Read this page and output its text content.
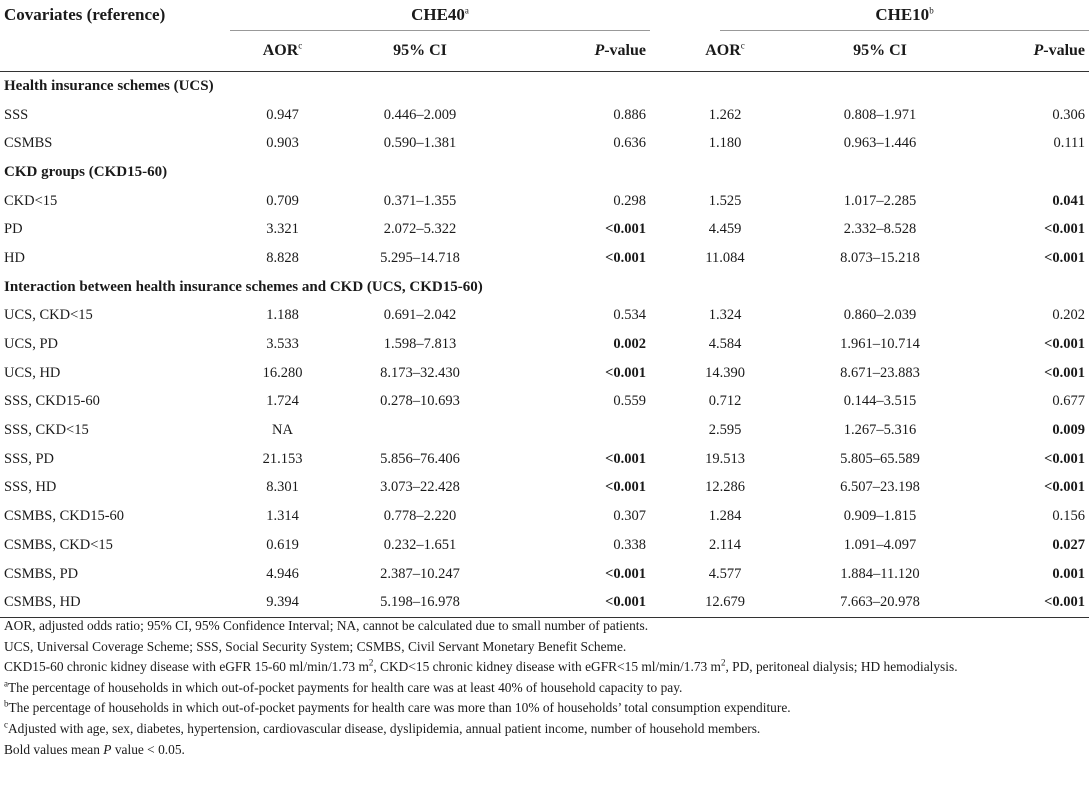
Covariates (reference)	CHE40$^a$				CHE10$^b$
	AOR$^c$	95% CI	P-value	AOR$^c$		95% CI	P-value
Health insurance schemes (UCS)							
SSS	0.947	0.446–2.009	0.886	1.262		0.808–1.971	0.306
CSMBS	0.903	0.590–1.381	0.636	1.180		0.963–1.446	0.111
CKD groups (CKD15-60)							
CKD<15	0.709	0.371–1.355	0.298	1.525		1.017–2.285	0.041
PD	3.321	2.072–5.322	<0.001	4.459		2.332–8.528	<0.001
HD	8.828	5.295–14.718	<0.001	11.084		8.073–15.218	<0.001
Interaction between health insurance schemes and CKD (UCS, CKD15-60)							
UCS, CKD<15	1.188	0.691–2.042	0.534	1.324		0.860–2.039	0.202
UCS, PD	3.533	1.598–7.813	0.002	4.584		1.961–10.714	<0.001
UCS, HD	16.280	8.173–32.430	<0.001	14.390		8.671–23.883	<0.001
SSS, CKD15-60	1.724	0.278–10.693	0.559	0.712		0.144–3.515	0.677
SSS, CKD<15	NA			2.595		1.267–5.316	0.009
SSS, PD	21.153	5.856–76.406	<0.001	19.513		5.805–65.589	<0.001
SSS, HD	8.301	3.073–22.428	<0.001	12.286		6.507–23.198	<0.001
CSMBS, CKD15-60	1.314	0.778–2.220	0.307	1.284		0.909–1.815	0.156
CSMBS, CKD<15	0.619	0.232–1.651	0.338	2.114		1.091–4.097	0.027
CSMBS, PD	4.946	2.387–10.247	<0.001	4.577		1.884–11.120	0.001
CSMBS, HD	9.394	5.198–16.978	<0.001	12.679		7.663–20.978	<0.001
AOR, adjusted odds ratio; 95% CI, 95% Confidence Interval; NA, cannot be calculated due to small number of patients.
UCS, Universal Coverage Scheme; SSS, Social Security System; CSMBS, Civil Servant Monetary Benefit Scheme.
CKD15-60 chronic kidney disease with eGFR 15-60 ml/min/1.73 $m^2$, CKD<15 chronic kidney disease with eGFR<15 ml/min/1.73 $m^2$, PD, peritoneal dialysis; HD hemodialysis.
$^a$The percentage of households in which out-of-pocket payments for health care was at least 40% of household capacity to pay.
$^b$The percentage of households in which out-of-pocket payments for health care was more than 10% of households’ total consumption expenditure.
$^c$Adjusted with age, sex, diabetes, hypertension, cardiovascular disease, dyslipidemia, annual patient income, number of household members.
Bold values mean P value < 0.05.
